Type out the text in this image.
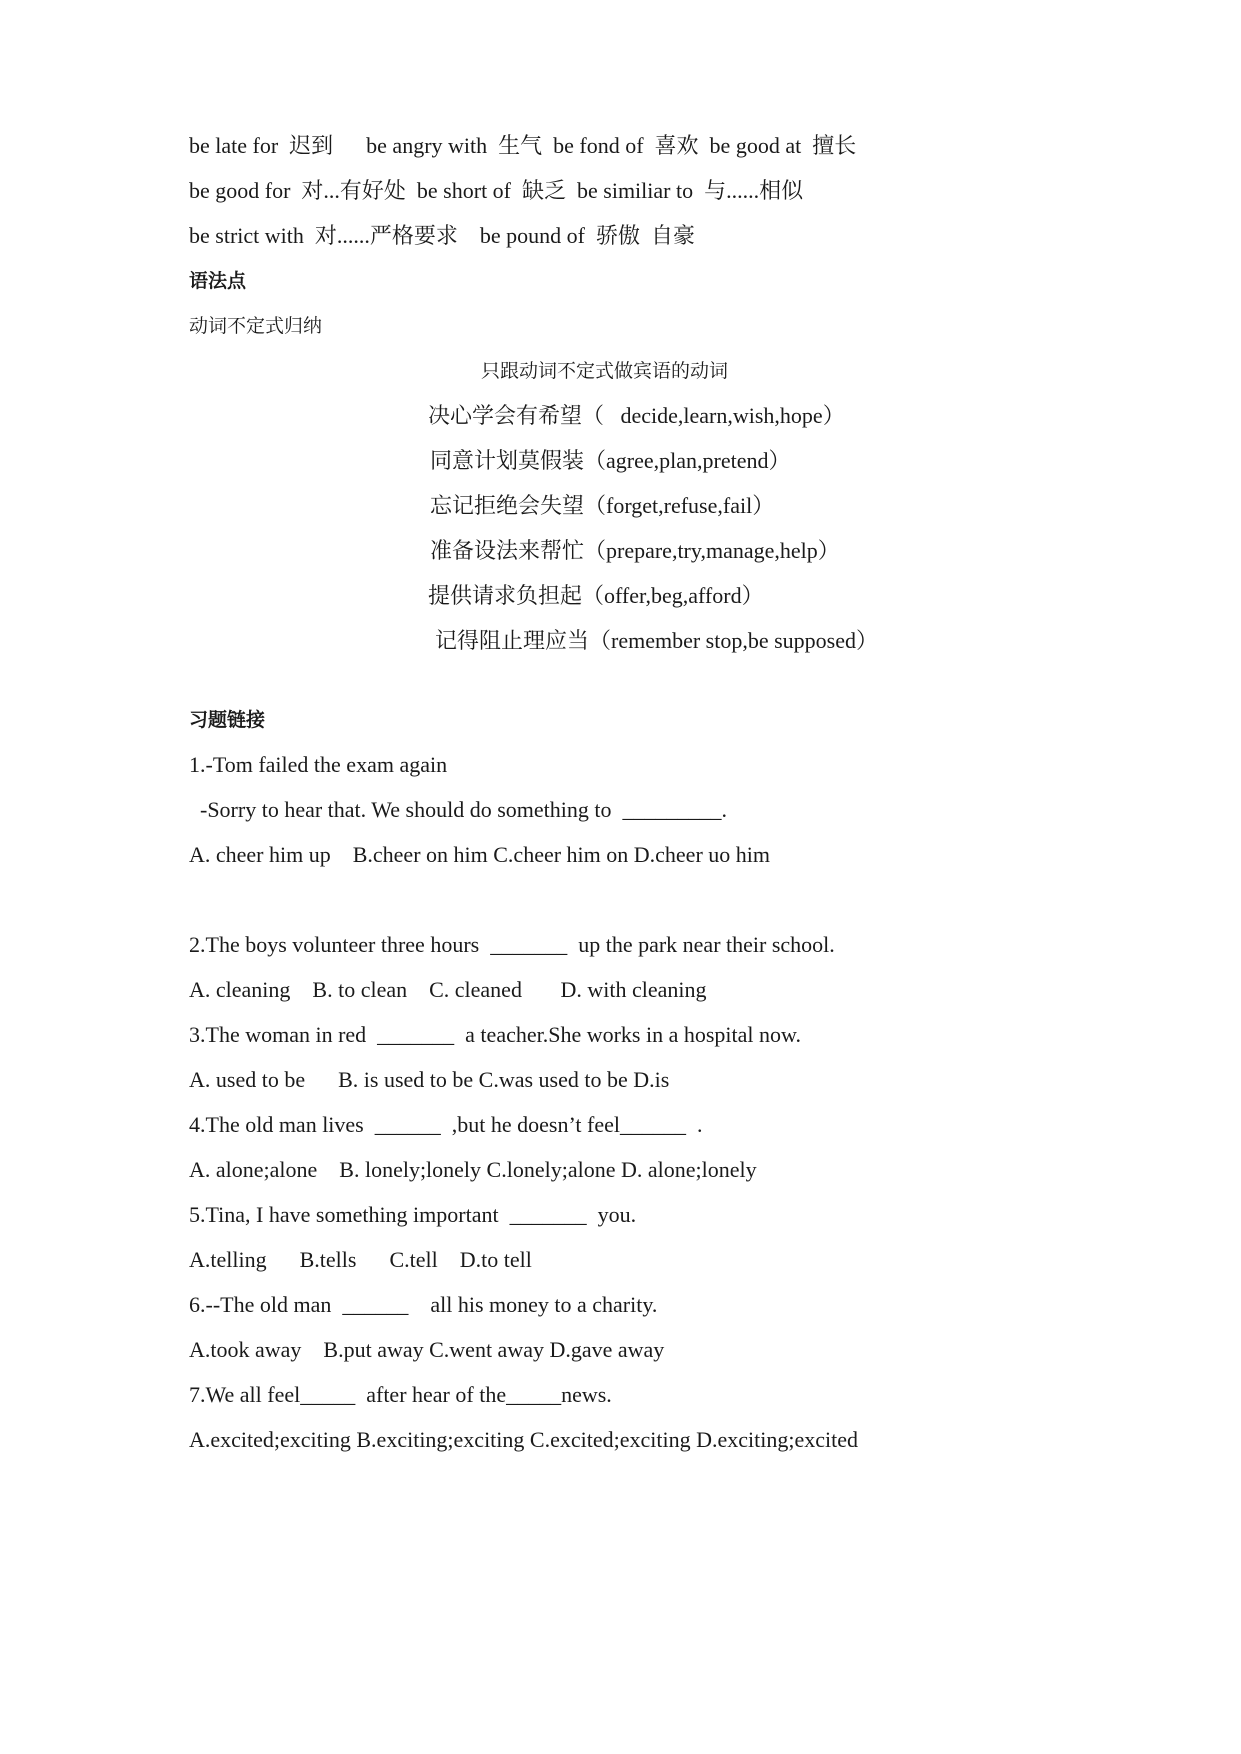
be late for  迟到      be angry with  生气  be fond of  喜欢  be good at  擅长
be good for  对...有好处  be short of  缺乏  be similiar to  与......相似
be strict with  对......严格要求    be pound of  骄傲  自豪
语法点
动词不定式归纳
只跟动词不定式做宾语的动词
决心学会有希望（   decide,learn,wish,hope）
同意计划莫假装（agree,plan,pretend）
忘记拒绝会失望（forget,refuse,fail）
准备设法来帮忙（prepare,try,manage,help）
提供请求负担起（offer,beg,afford）
记得阻止理应当（remember stop,be supposed）
习题链接
1.-Tom failed the exam again
-Sorry to hear that. We should do something to  _________.
A. cheer him up    B.cheer on him C.cheer him on D.cheer uo him
2.The boys volunteer three hours  _______  up the park near their school.
A. cleaning    B. to clean    C. cleaned       D. with cleaning
3.The woman in red  _______  a teacher.She works in a hospital now.
A. used to be      B. is used to be C.was used to be D.is
4.The old man lives  ______  ,but he doesn’t feel______  .
A. alone;alone    B. lonely;lonely C.lonely;alone D. alone;lonely
5.Tina, I have something important  _______  you.
A.telling      B.tells      C.tell    D.to tell
6.--The old man  ______    all his money to a charity.
A.took away    B.put away C.went away D.gave away
7.We all feel_____  after hear of the_____news.
A.excited;exciting B.exciting;exciting C.excited;exciting D.exciting;excited
